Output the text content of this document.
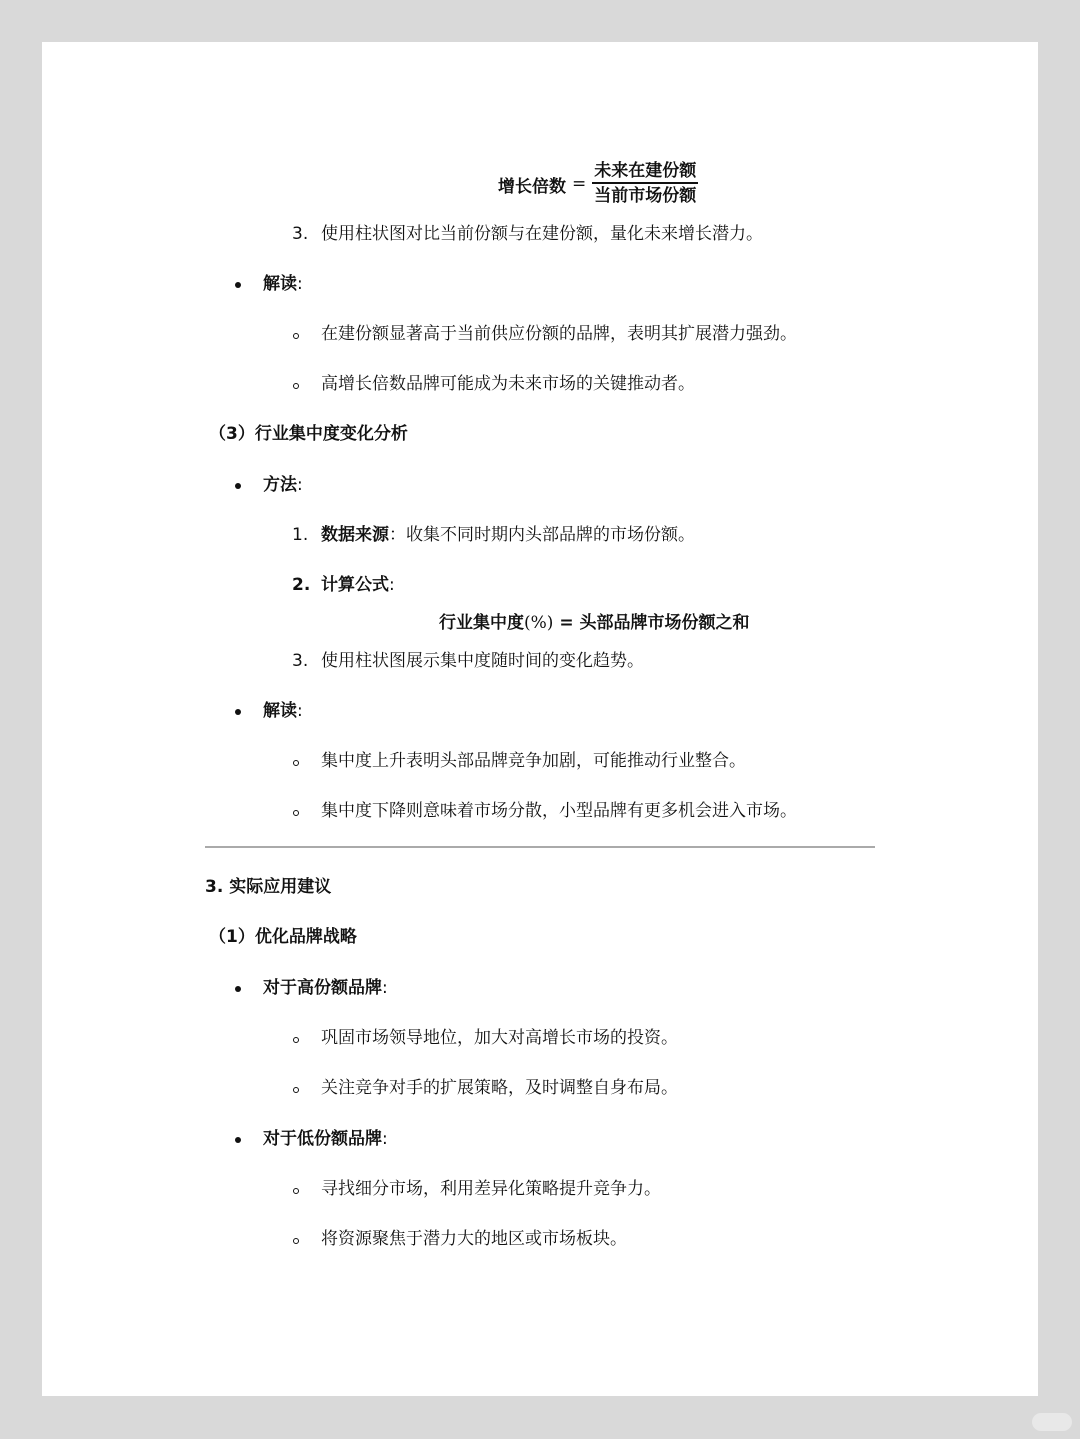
增长倍数 = $\frac{\text{未来在建份额}}{\text{当前市场份额}}$
3. 使用柱状图对比当前份额与在建份额，量化未来增长潜力。
解读:
在建份额显著高于当前供应份额的品牌，表明其扩展潜力强劲。
高增长倍数品牌可能成为未来市场的关键推动者。
（3）行业集中度变化分析
方法:
1. 数据来源：收集不同时期内头部品牌的市场份额。
2. 计算公式:
行业集中度(%) = 头部品牌市场份额之和
3. 使用柱状图展示集中度随时间的变化趋势。
解读:
集中度上升表明头部品牌竞争加剧，可能推动行业整合。
集中度下降则意味着市场分散，小型品牌有更多机会进入市场。
3. 实际应用建议
（1）优化品牌战略
对于高份额品牌:
巩固市场领导地位，加大对高增长市场的投资。
关注竞争对手的扩展策略，及时调整自身布局。
对于低份额品牌:
寻找细分市场，利用差异化策略提升竞争力。
将资源聚焦于潜力大的地区或市场板块。
